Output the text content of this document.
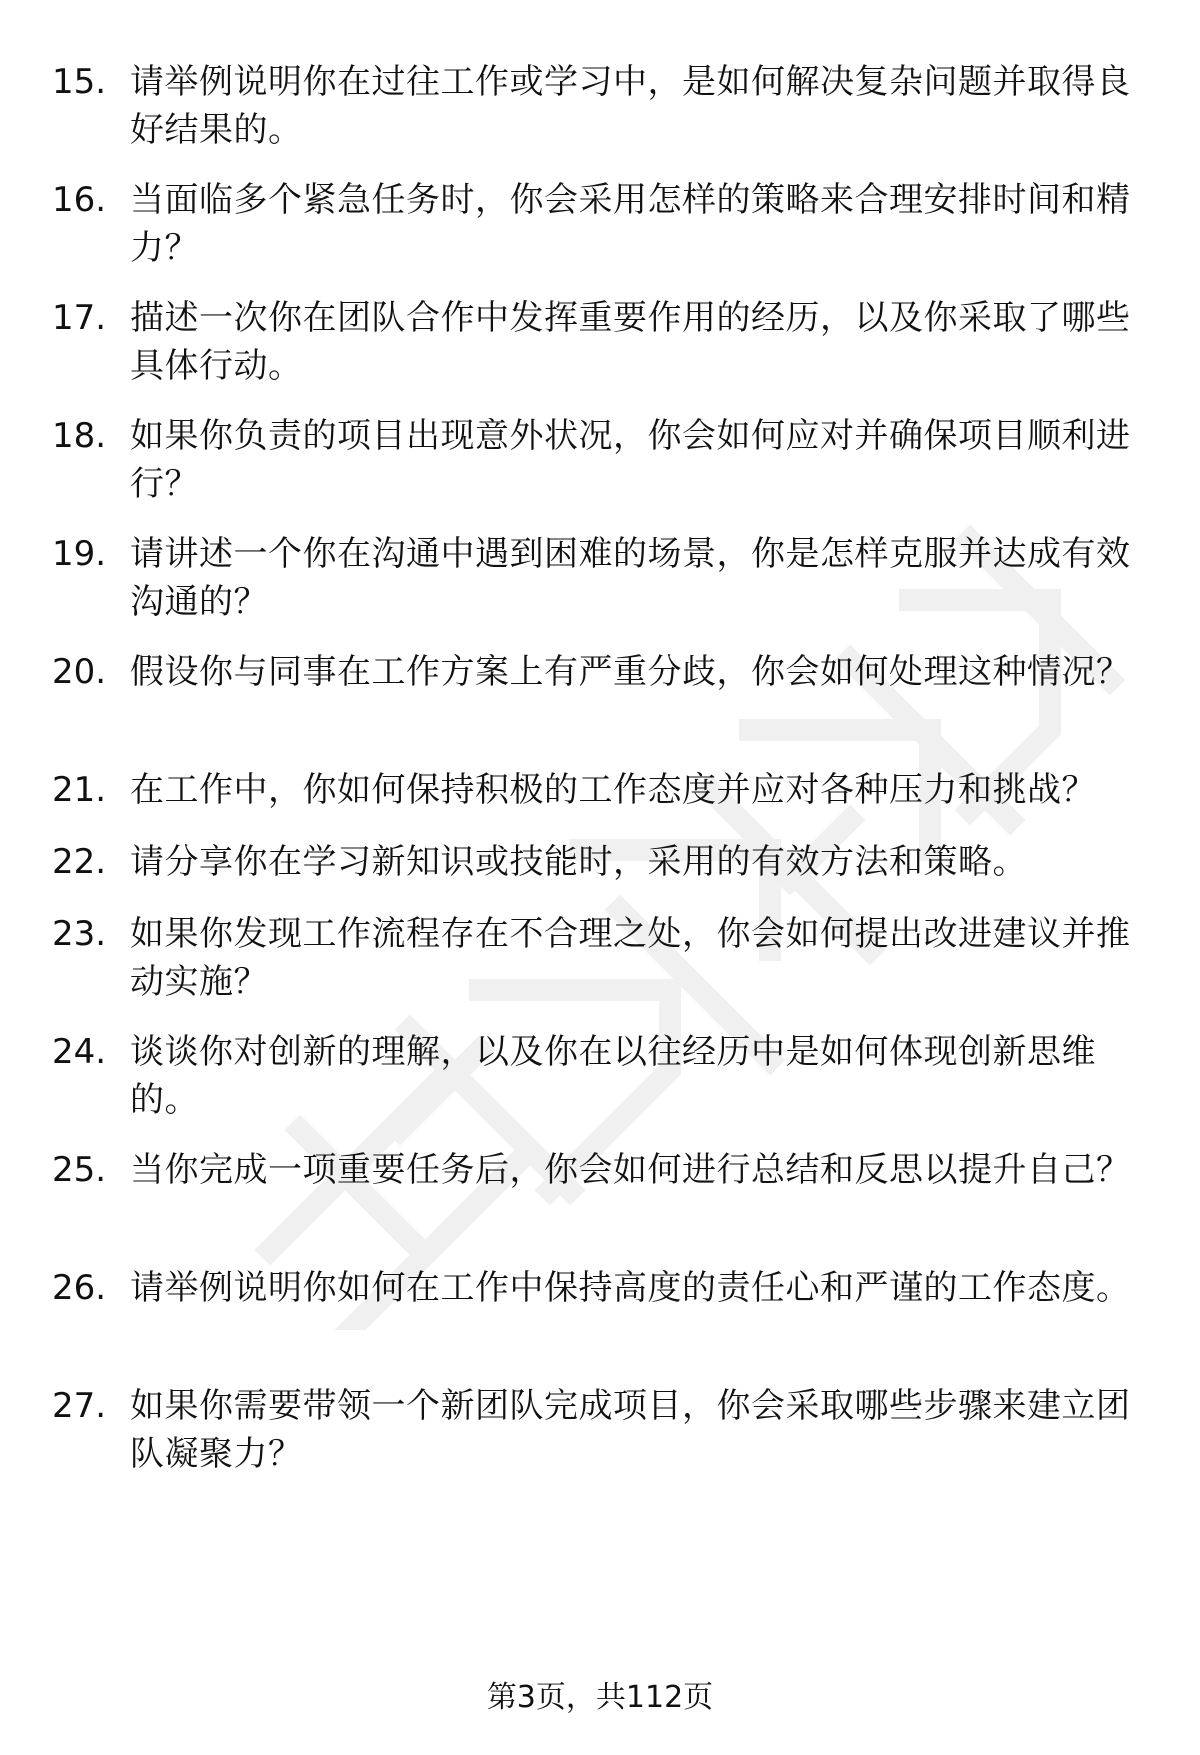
15. 请举例说明你在过往工作或学习中，是如何解决复杂问题并取得良好结果的。
16. 当面临多个紧急任务时，你会采用怎样的策略来合理安排时间和精力？
17. 描述一次你在团队合作中发挥重要作用的经历，以及你采取了哪些具体行动。
18. 如果你负责的项目出现意外状况，你会如何应对并确保项目顺利进行？
19. 请讲述一个你在沟通中遇到困难的场景，你是怎样克服并达成有效沟通的？
20. 假设你与同事在工作方案上有严重分歧，你会如何处理这种情况？
21. 在工作中，你如何保持积极的工作态度并应对各种压力和挑战？
22. 请分享你在学习新知识或技能时，采用的有效方法和策略。
23. 如果你发现工作流程存在不合理之处，你会如何提出改进建议并推动实施？
24. 谈谈你对创新的理解，以及你在以往经历中是如何体现创新思维的。
25. 当你完成一项重要任务后，你会如何进行总结和反思以提升自己？
26. 请举例说明你如何在工作中保持高度的责任心和严谨的工作态度。
27. 如果你需要带领一个新团队完成项目，你会采取哪些步骤来建立团队凝聚力？
第3页，共112页
